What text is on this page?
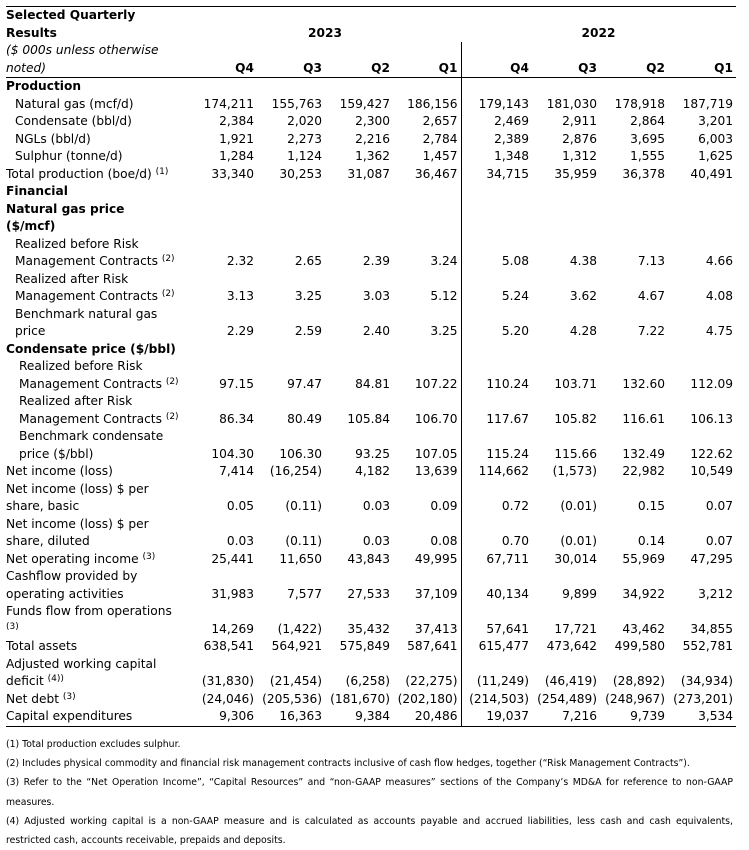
Selected Quarterly								
Results	2023				2022			
($ 000s unless otherwise								
noted)	Q4	Q3	Q2	Q1	Q4	Q3	Q2	Q1
Production								
Natural gas (mcf/d)	174,211	155,763	159,427	186,156	179,143	181,030	178,918	187,719
Condensate (bbl/d)	2,384	2,020	2,300	2,657	2,469	2,911	2,864	3,201
NGLs (bbl/d)	1,921	2,273	2,216	2,784	2,389	2,876	3,695	6,003
Sulphur (tonne/d)	1,284	1,124	1,362	1,457	1,348	1,312	1,555	1,625
Total production (boe/d) $^{(1)}$	33,340	30,253	31,087	36,467	34,715	35,959	36,378	40,491
Financial								
Natural gas price								
($/mcf)								
Realized before Risk								
Management Contracts $^{(2)}$	2.32	2.65	2.39	3.24	5.08	4.38	7.13	4.66
Realized after Risk								
Management Contracts $^{(2)}$	3.13	3.25	3.03	5.12	5.24	3.62	4.67	4.08
Benchmark natural gas								
price	2.29	2.59	2.40	3.25	5.20	4.28	7.22	4.75
Condensate price ($/bbl)								
Realized before Risk								
Management Contracts $^{(2)}$	97.15	97.47	84.81	107.22	110.24	103.71	132.60	112.09
Realized after Risk								
Management Contracts $^{(2)}$	86.34	80.49	105.84	106.70	117.67	105.82	116.61	106.13
Benchmark condensate								
price ($/bbl)	104.30	106.30	93.25	107.05	115.24	115.66	132.49	122.62
Net income (loss)	7,414	(16,254)	4,182	13,639	114,662	(1,573)	22,982	10,549
Net income (loss) $ per								
share, basic	0.05	(0.11)	0.03	0.09	0.72	(0.01)	0.15	0.07
Net income (loss) $ per								
share, diluted	0.03	(0.11)	0.03	0.08	0.70	(0.01)	0.14	0.07
Net operating income $^{(3)}$	25,441	11,650	43,843	49,995	67,711	30,014	55,969	47,295
Cashflow provided by								
operating activities	31,983	7,577	27,533	37,109	40,134	9,899	34,922	3,212
Funds flow from operations								
$^{(3)}$	14,269	(1,422)	35,432	37,413	57,641	17,721	43,462	34,855
Total assets	638,541	564,921	575,849	587,641	615,477	473,642	499,580	552,781
Adjusted working capital								
deficit $^{(4))}$	(31,830)	(21,454)	(6,258)	(22,275)	(11,249)	(46,419)	(28,892)	(34,934)
Net debt $^{(3)}$	(24,046)	(205,536)	(181,670)	(202,180)	(214,503)	(254,489)	(248,967)	(273,201)
Capital expenditures	9,306	16,363	9,384	20,486	19,037	7,216	9,739	3,534

(1) Total production excludes sulphur.

(2) Includes physical commodity and financial risk management contracts inclusive of cash flow hedges, together (“Risk Management Contracts”).

(3) Refer to the “Net Operation Income”, “Capital Resources” and “non-GAAP measures” sections of the Company’s MD&A for reference to non-GAAP measures.

(4) Adjusted working capital is a non-GAAP measure and is calculated as accounts payable and accrued liabilities, less cash and cash equivalents, restricted cash, accounts receivable, prepaids and deposits.
